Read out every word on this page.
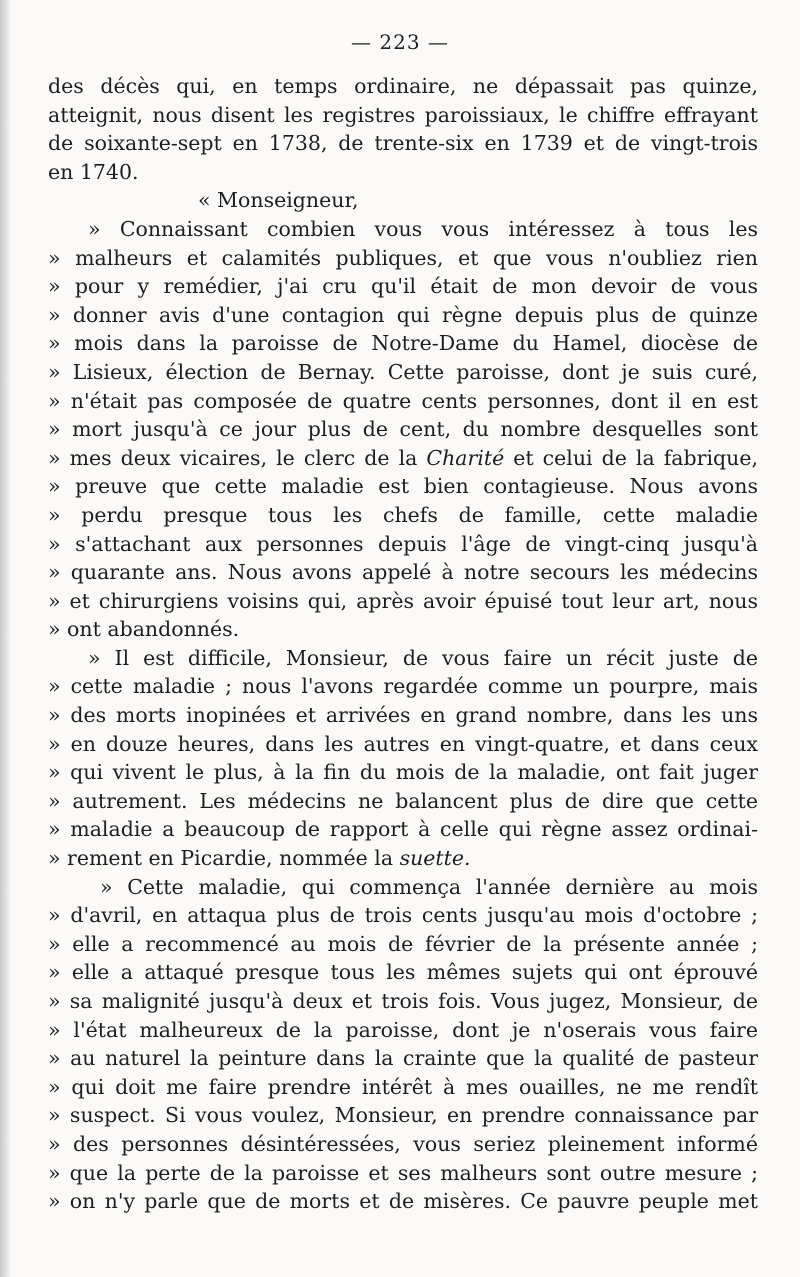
— 223 —
des décès qui, en temps ordinaire, ne dépassait pas quinze,
atteignit, nous disent les registres paroissiaux, le chiffre effrayant
de soixante-sept en 1738, de trente-six en 1739 et de vingt-trois
en 1740.
« Monseigneur,
» Connaissant combien vous vous intéressez à tous les
» malheurs et calamités publiques, et que vous n'oubliez rien
» pour y remédier, j'ai cru qu'il était de mon devoir de vous
» donner avis d'une contagion qui règne depuis plus de quinze
» mois dans la paroisse de Notre-Dame du Hamel, diocèse de
» Lisieux, élection de Bernay. Cette paroisse, dont je suis curé,
» n'était pas composée de quatre cents personnes, dont il en est
» mort jusqu'à ce jour plus de cent, du nombre desquelles sont
» mes deux vicaires, le clerc de la Charité et celui de la fabrique,
» preuve que cette maladie est bien contagieuse. Nous avons
» perdu presque tous les chefs de famille, cette maladie
» s'attachant aux personnes depuis l'âge de vingt-cinq jusqu'à
» quarante ans. Nous avons appelé à notre secours les médecins
» et chirurgiens voisins qui, après avoir épuisé tout leur art, nous
» ont abandonnés.
» Il est difficile, Monsieur, de vous faire un récit juste de
» cette maladie ; nous l'avons regardée comme un pourpre, mais
» des morts inopinées et arrivées en grand nombre, dans les uns
» en douze heures, dans les autres en vingt-quatre, et dans ceux
» qui vivent le plus, à la fin du mois de la maladie, ont fait juger
» autrement. Les médecins ne balancent plus de dire que cette
» maladie a beaucoup de rapport à celle qui règne assez ordinai-
» rement en Picardie, nommée la suette.
» Cette maladie, qui commença l'année dernière au mois
» d'avril, en attaqua plus de trois cents jusqu'au mois d'octobre ;
» elle a recommencé au mois de février de la présente année ;
» elle a attaqué presque tous les mêmes sujets qui ont éprouvé
» sa malignité jusqu'à deux et trois fois. Vous jugez, Monsieur, de
» l'état malheureux de la paroisse, dont je n'oserais vous faire
» au naturel la peinture dans la crainte que la qualité de pasteur
» qui doit me faire prendre intérêt à mes ouailles, ne me rendît
» suspect. Si vous voulez, Monsieur, en prendre connaissance par
» des personnes désintéressées, vous seriez pleinement informé
» que la perte de la paroisse et ses malheurs sont outre mesure ;
» on n'y parle que de morts et de misères. Ce pauvre peuple met
